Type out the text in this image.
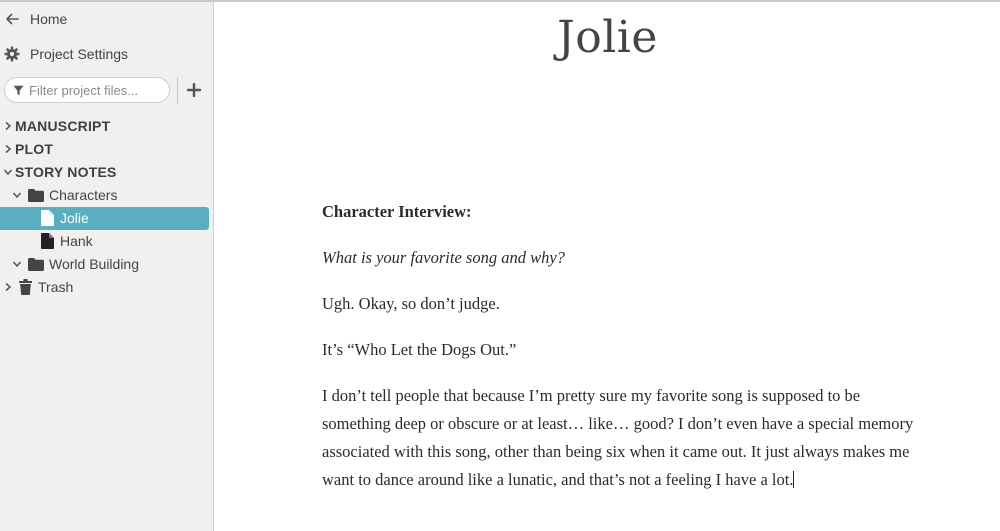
Home
Project Settings
Filter project files...
MANUSCRIPT
PLOT
STORY NOTES
Characters
Jolie
Hank
World Building
Trash
Jolie
Character Interview:
What is your favorite song and why?
Ugh. Okay, so don’t judge.
It’s “Who Let the Dogs Out.”
I don’t tell people that because I’m pretty sure my favorite song is supposed to be something deep or obscure or at least… like… good? I don’t even have a special memory associated with this song, other than being six when it came out. It just always makes me want to dance around like a lunatic, and that’s not a feeling I have a lot.
